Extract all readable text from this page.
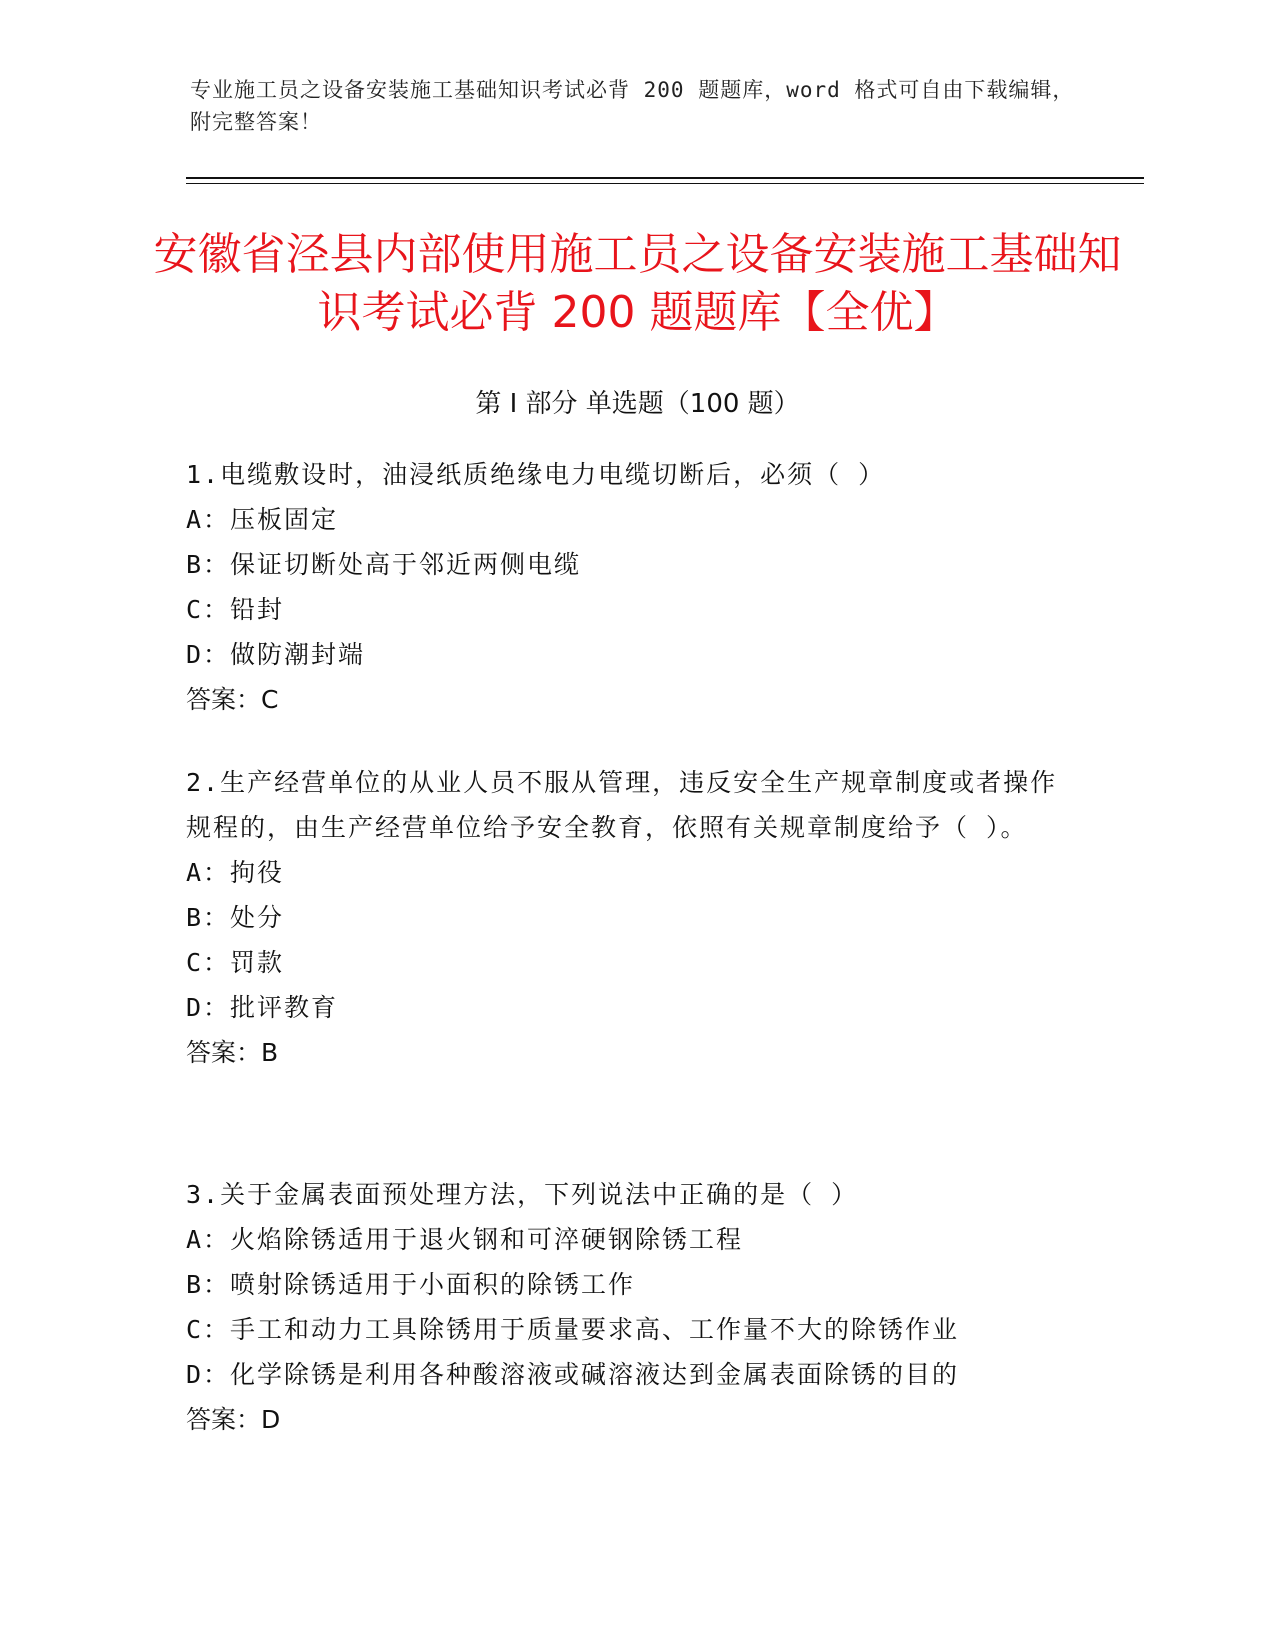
专业施工员之设备安装施工基础知识考试必背 200 题题库，word 格式可自由下载编辑，附完整答案！
安徽省泾县内部使用施工员之设备安装施工基础知识考试必背 200 题题库【全优】
第 I 部分 单选题（100 题）

1.电缆敷设时，油浸纸质绝缘电力电缆切断后，必须（ ）

A：压板固定

B：保证切断处高于邻近两侧电缆

C：铅封

D：做防潮封端

答案：C

2.生产经营单位的从业人员不服从管理，违反安全生产规章制度或者操作规程的，由生产经营单位给予安全教育，依照有关规章制度给予（ ）。

A：拘役

B：处分

C：罚款

D：批评教育

答案：B

3.关于金属表面预处理方法，下列说法中正确的是（ ）

A：火焰除锈适用于退火钢和可淬硬钢除锈工程

B：喷射除锈适用于小面积的除锈工作

C：手工和动力工具除锈用于质量要求高、工作量不大的除锈作业

D：化学除锈是利用各种酸溶液或碱溶液达到金属表面除锈的目的

答案：D
